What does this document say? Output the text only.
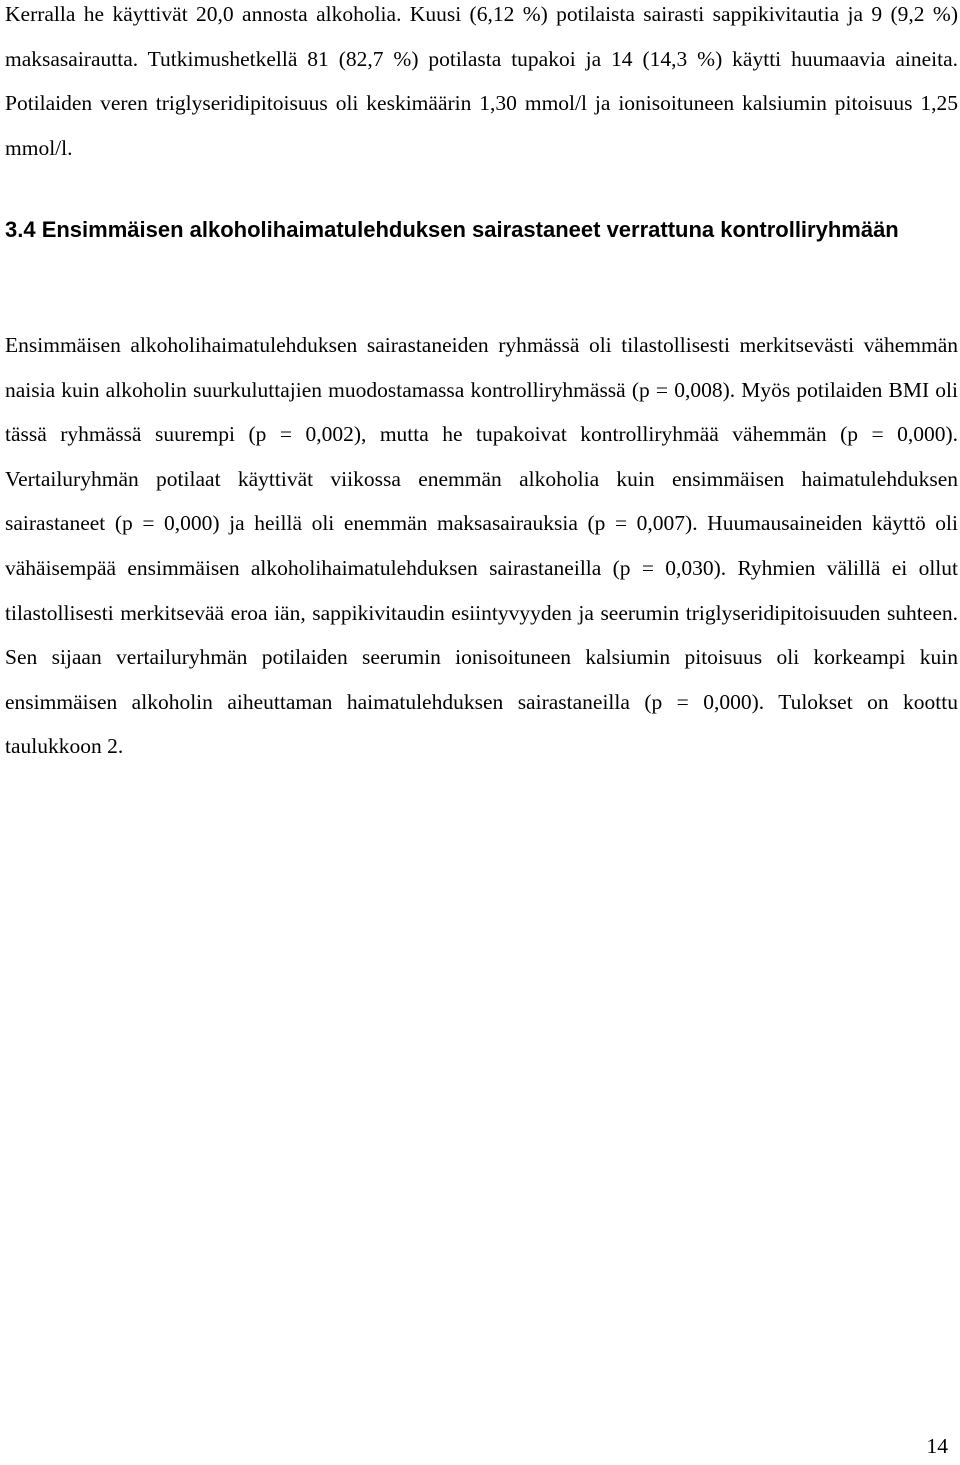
Kerralla he käyttivät 20,0 annosta alkoholia. Kuusi (6,12 %) potilaista sairasti sappikivitautia ja 9 (9,2 %) maksasairautta. Tutkimushetkellä 81 (82,7 %) potilasta tupakoi ja 14 (14,3 %) käytti huumaavia aineita. Potilaiden veren triglyseridipitoisuus oli keskimäärin 1,30 mmol/l ja ionisoituneen kalsiumin pitoisuus 1,25 mmol/l.

3.4 Ensimmäisen alkoholihaimatulehduksen sairastaneet verrattuna kontrolliryhmään

Ensimmäisen alkoholihaimatulehduksen sairastaneiden ryhmässä oli tilastollisesti merkitsevästi vähemmän naisia kuin alkoholin suurkuluttajien muodostamassa kontrolliryhmässä (p = 0,008). Myös potilaiden BMI oli tässä ryhmässä suurempi (p = 0,002), mutta he tupakoivat kontrolliryhmää vähemmän (p = 0,000). Vertailuryhmän potilaat käyttivät viikossa enemmän alkoholia kuin ensimmäisen haimatulehduksen sairastaneet (p = 0,000) ja heillä oli enemmän maksasairauksia (p = 0,007). Huumausaineiden käyttö oli vähäisempää ensimmäisen alkoholihaimatulehduksen sairastaneilla (p = 0,030). Ryhmien välillä ei ollut tilastollisesti merkitsevää eroa iän, sappikivitaudin esiintyvyyden ja seerumin triglyseridipitoisuuden suhteen. Sen sijaan vertailuryhmän potilaiden seerumin ionisoituneen kalsiumin pitoisuus oli korkeampi kuin ensimmäisen alkoholin aiheuttaman haimatulehduksen sairastaneilla (p = 0,000). Tulokset on koottu taulukkoon 2.

14
